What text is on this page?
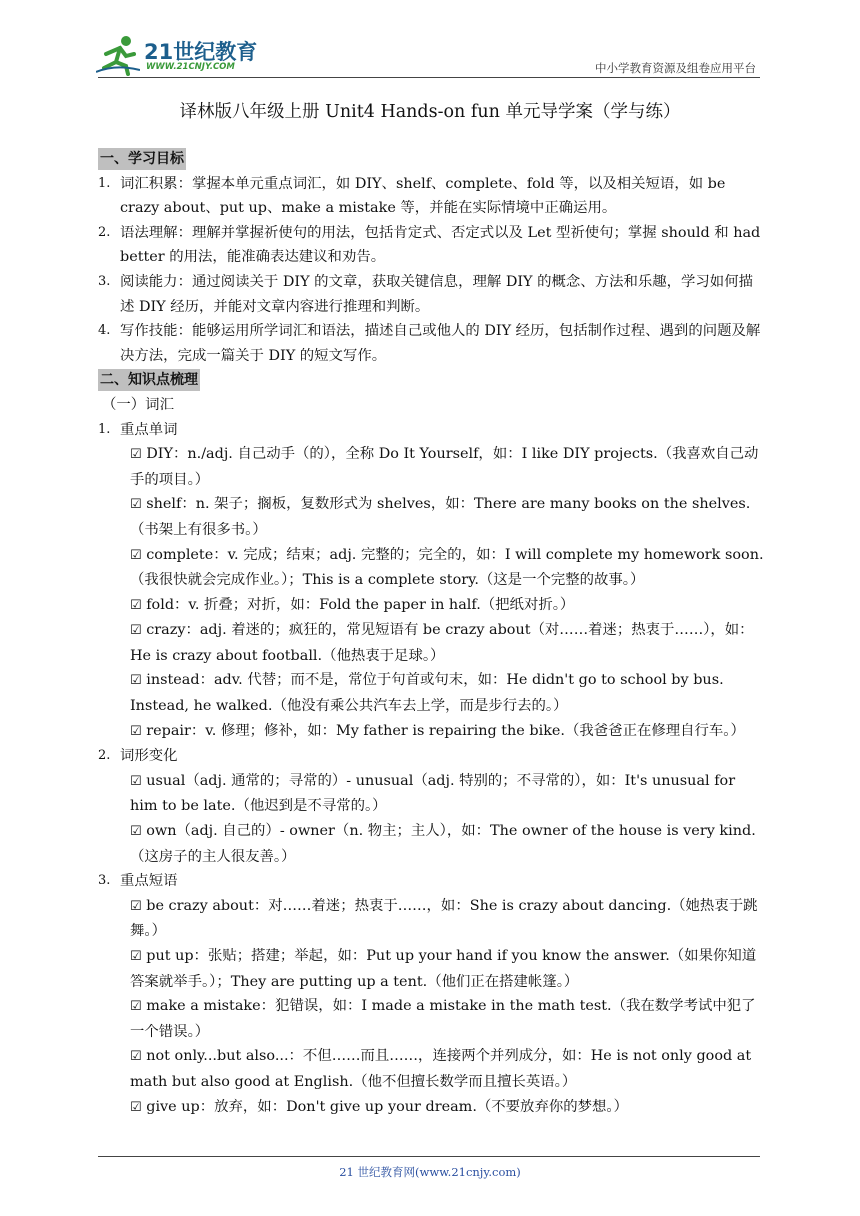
21世纪教育
WWW.21CNJY.COM	中小学教育资源及组卷应用平台
译林版八年级上册 Unit4 Hands-on fun 单元导学案（学与练）
一、学习目标
1. 词汇积累：掌握本单元重点词汇，如 DIY、shelf、complete、fold 等，以及相关短语，如 be crazy about、put up、make a mistake 等，并能在实际情境中正确运用。
2. 语法理解：理解并掌握祈使句的用法，包括肯定式、否定式以及 Let 型祈使句；掌握 should 和 had better 的用法，能准确表达建议和劝告。
3. 阅读能力：通过阅读关于 DIY 的文章，获取关键信息，理解 DIY 的概念、方法和乐趣，学习如何描述 DIY 经历，并能对文章内容进行推理和判断。
4. 写作技能：能够运用所学词汇和语法，描述自己或他人的 DIY 经历，包括制作过程、遇到的问题及解决方法，完成一篇关于 DIY 的短文写作。
二、知识点梳理
（一）词汇
1. 重点单词
☑ DIY：n./adj. 自己动手（的），全称 Do It Yourself，如：I like DIY projects.（我喜欢自己动手的项目。）
☑ shelf：n. 架子；搁板，复数形式为 shelves，如：There are many books on the shelves.（书架上有很多书。）
☑ complete：v. 完成；结束；adj. 完整的；完全的，如：I will complete my homework soon.（我很快就会完成作业。）；This is a complete story.（这是一个完整的故事。）
☑ fold：v. 折叠；对折，如：Fold the paper in half.（把纸对折。）
☑ crazy：adj. 着迷的；疯狂的，常见短语有 be crazy about（对……着迷；热衷于……），如：He is crazy about football.（他热衷于足球。）
☑ instead：adv. 代替；而不是，常位于句首或句末，如：He didn't go to school by bus. Instead, he walked.（他没有乘公共汽车去上学，而是步行去的。）
☑ repair：v. 修理；修补，如：My father is repairing the bike.（我爸爸正在修理自行车。）
2. 词形变化
☑ usual（adj. 通常的；寻常的）- unusual（adj. 特别的；不寻常的），如：It's unusual for him to be late.（他迟到是不寻常的。）
☑ own（adj. 自己的）- owner（n. 物主；主人），如：The owner of the house is very kind.（这房子的主人很友善。）
3. 重点短语
☑ be crazy about：对……着迷；热衷于……，如：She is crazy about dancing.（她热衷于跳舞。）
☑ put up：张贴；搭建；举起，如：Put up your hand if you know the answer.（如果你知道答案就举手。）；They are putting up a tent.（他们正在搭建帐篷。）
☑ make a mistake：犯错误，如：I made a mistake in the math test.（我在数学考试中犯了一个错误。）
☑ not only...but also...：不但……而且……，连接两个并列成分，如：He is not only good at math but also good at English.（他不但擅长数学而且擅长英语。）
☑ give up：放弃，如：Don't give up your dream.（不要放弃你的梦想。）
21 世纪教育网(www.21cnjy.com)
